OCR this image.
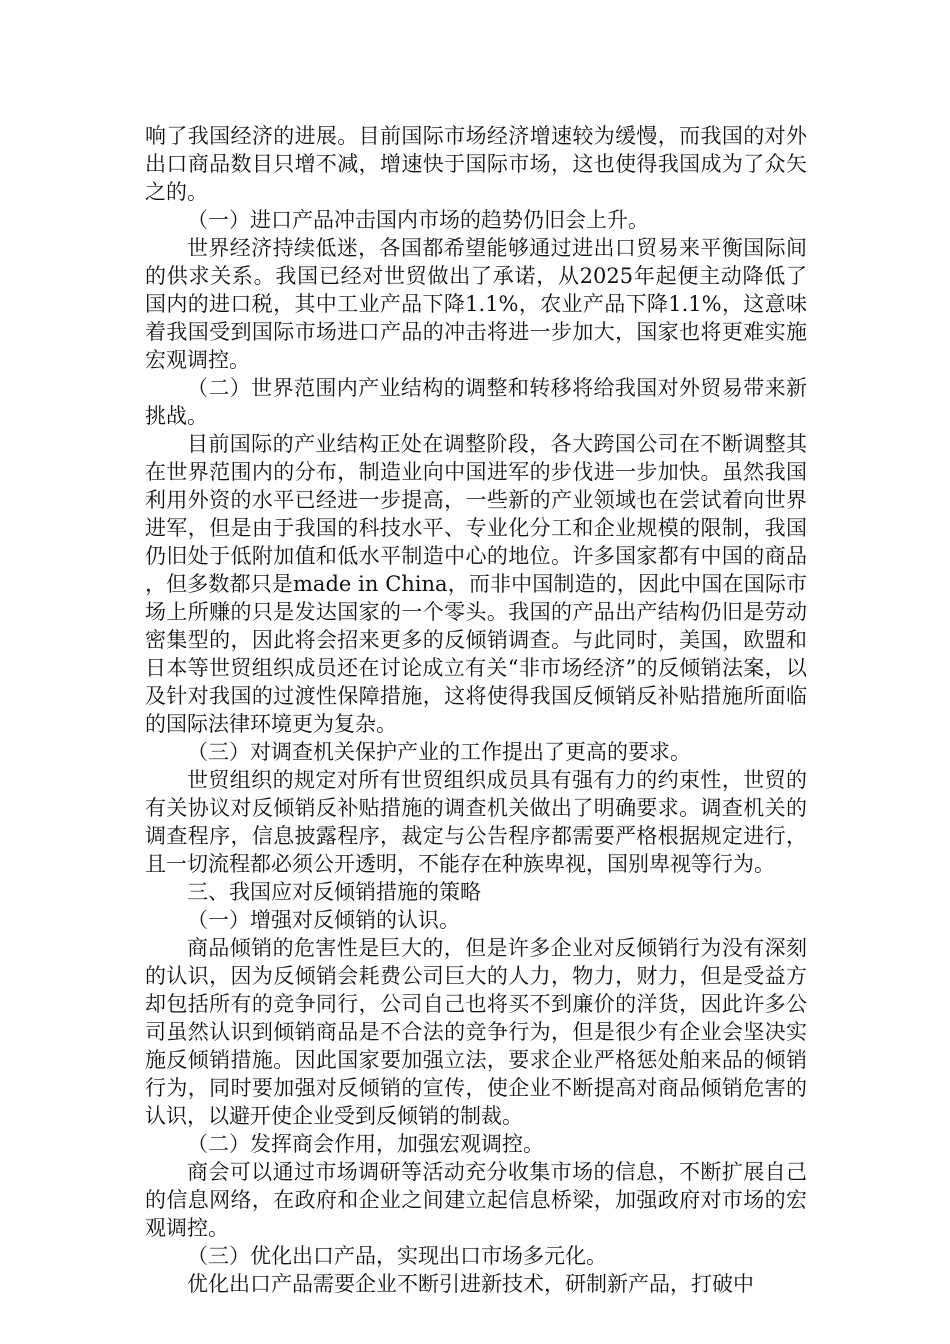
响了我国经济的进展。目前国际市场经济增速较为缓慢，而我国的对外出口商品数目只增不减，增速快于国际市场，这也使得我国成为了众矢之的。

（一）进口产品冲击国内市场的趋势仍旧会上升。

世界经济持续低迷，各国都希望能够通过进出口贸易来平衡国际间的供求关系。我国已经对世贸做出了承诺，从2025年起便主动降低了国内的进口税，其中工业产品下降1.1%，农业产品下降1.1%，这意味着我国受到国际市场进口产品的冲击将进一步加大，国家也将更难实施宏观调控。

（二）世界范围内产业结构的调整和转移将给我国对外贸易带来新挑战。

目前国际的产业结构正处在调整阶段，各大跨国公司在不断调整其在世界范围内的分布，制造业向中国进军的步伐进一步加快。虽然我国利用外资的水平已经进一步提高，一些新的产业领域也在尝试着向世界进军，但是由于我国的科技水平、专业化分工和企业规模的限制，我国仍旧处于低附加值和低水平制造中心的地位。许多国家都有中国的商品，但多数都只是made in China，而非中国制造的，因此中国在国际市场上所赚的只是发达国家的一个零头。我国的产品出产结构仍旧是劳动密集型的，因此将会招来更多的反倾销调查。与此同时，美国，欧盟和日本等世贸组织成员还在讨论成立有关“非市场经济”的反倾销法案，以及针对我国的过渡性保障措施，这将使得我国反倾销反补贴措施所面临的国际法律环境更为复杂。

（三）对调查机关保护产业的工作提出了更高的要求。

世贸组织的规定对所有世贸组织成员具有强有力的约束性，世贸的有关协议对反倾销反补贴措施的调查机关做出了明确要求。调查机关的调查程序，信息披露程序，裁定与公告程序都需要严格根据规定进行，且一切流程都必须公开透明，不能存在种族卑视，国别卑视等行为。

三、我国应对反倾销措施的策略

（一）增强对反倾销的认识。

商品倾销的危害性是巨大的，但是许多企业对反倾销行为没有深刻的认识，因为反倾销会耗费公司巨大的人力，物力，财力，但是受益方却包括所有的竞争同行，公司自己也将买不到廉价的洋货，因此许多公司虽然认识到倾销商品是不合法的竞争行为，但是很少有企业会坚决实施反倾销措施。因此国家要加强立法，要求企业严格惩处舶来品的倾销行为，同时要加强对反倾销的宣传，使企业不断提高对商品倾销危害的认识，以避开使企业受到反倾销的制裁。

（二）发挥商会作用，加强宏观调控。

商会可以通过市场调研等活动充分收集市场的信息，不断扩展自己的信息网络，在政府和企业之间建立起信息桥梁，加强政府对市场的宏观调控。

（三）优化出口产品，实现出口市场多元化。

优化出口产品需要企业不断引进新技术，研制新产品，打破中
